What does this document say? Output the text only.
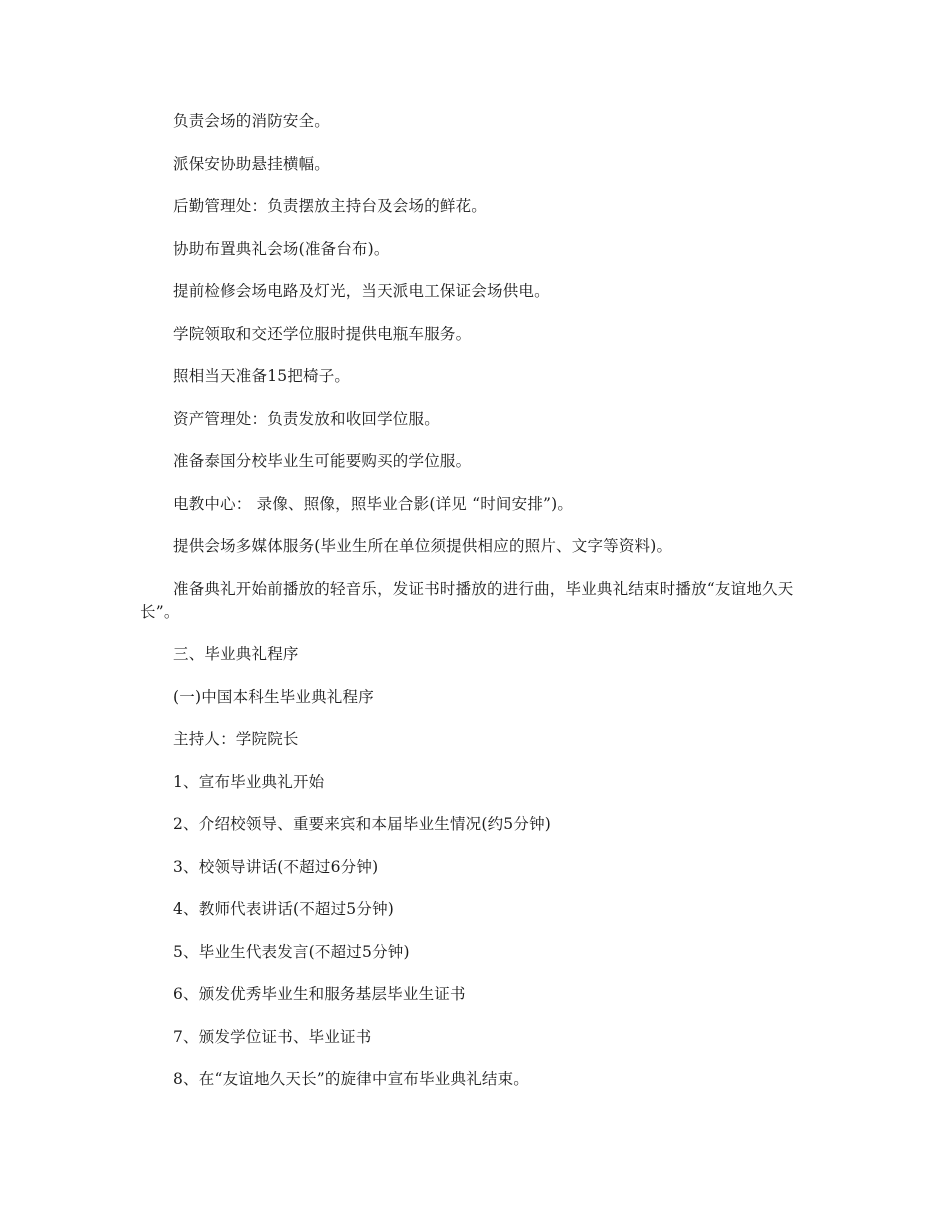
负责会场的消防安全。

派保安协助悬挂横幅。

后勤管理处：负责摆放主持台及会场的鲜花。

协助布置典礼会场(准备台布)。

提前检修会场电路及灯光，当天派电工保证会场供电。

学院领取和交还学位服时提供电瓶车服务。

照相当天准备15把椅子。

资产管理处：负责发放和收回学位服。

准备泰国分校毕业生可能要购买的学位服。

电教中心： 录像、照像，照毕业合影(详见 “时间安排”)。

提供会场多媒体服务(毕业生所在单位须提供相应的照片、文字等资料)。

准备典礼开始前播放的轻音乐，发证书时播放的进行曲，毕业典礼结束时播放“友谊地久天长”。

三、毕业典礼程序

(一)中国本科生毕业典礼程序

主持人：学院院长

1、宣布毕业典礼开始

2、介绍校领导、重要来宾和本届毕业生情况(约5分钟)

3、校领导讲话(不超过6分钟)

4、教师代表讲话(不超过5分钟)

5、毕业生代表发言(不超过5分钟)

6、颁发优秀毕业生和服务基层毕业生证书

7、颁发学位证书、毕业证书

8、在“友谊地久天长”的旋律中宣布毕业典礼结束。
